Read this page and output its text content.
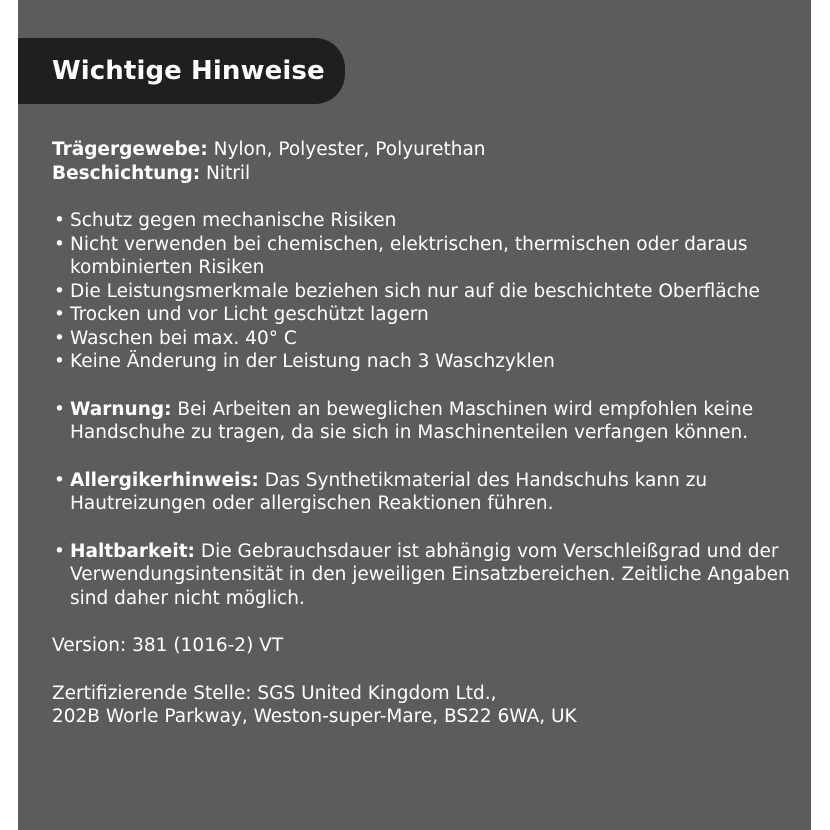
Wichtige Hinweise
Trägergewebe: Nylon, Polyester, Polyurethan
Beschichtung: Nitril
• Schutz gegen mechanische Risiken
• Nicht verwenden bei chemischen, elektrischen, thermischen oder daraus kombinierten Risiken
• Die Leistungsmerkmale beziehen sich nur auf die beschichtete Oberfläche
• Trocken und vor Licht geschützt lagern
• Waschen bei max. 40° C
• Keine Änderung in der Leistung nach 3 Waschzyklen
• Warnung: Bei Arbeiten an beweglichen Maschinen wird empfohlen keine Handschuhe zu tragen, da sie sich in Maschinenteilen verfangen können.
• Allergikerhinweis: Das Synthetikmaterial des Handschuhs kann zu Hautreizungen oder allergischen Reaktionen führen.
• Haltbarkeit: Die Gebrauchsdauer ist abhängig vom Verschleißgrad und der Verwendungsintensität in den jeweiligen Einsatzbereichen. Zeitliche Angaben sind daher nicht möglich.
Version: 381 (1016-2) VT
Zertifizierende Stelle: SGS United Kingdom Ltd.,
202B Worle Parkway, Weston-super-Mare, BS22 6WA, UK
